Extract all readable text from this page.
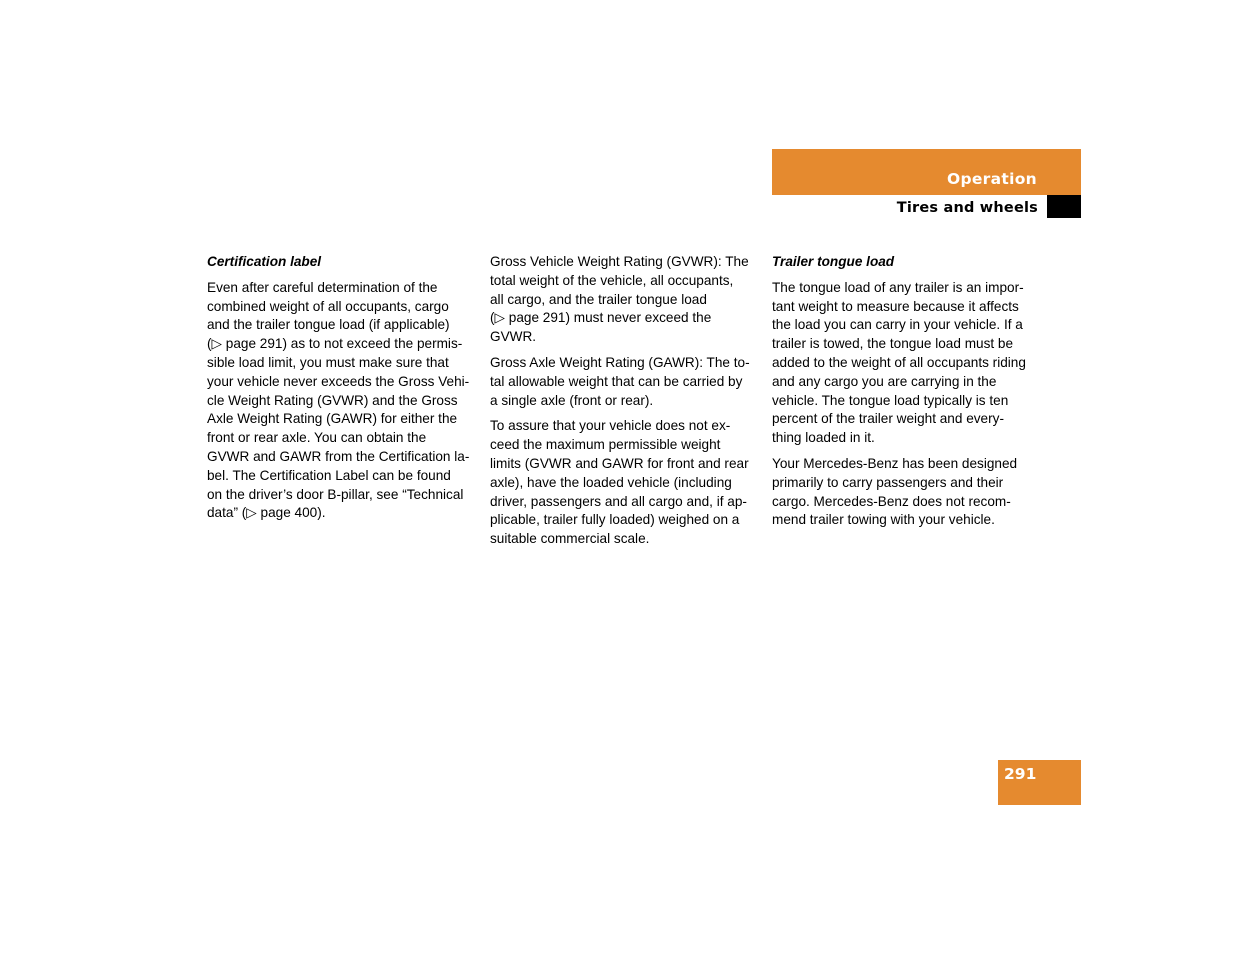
Operation
Tires and wheels

Certification label

Even after careful determination of the
combined weight of all occupants, cargo
and the trailer tongue load (if applicable)
(▷ page 291) as to not exceed the permis-
sible load limit, you must make sure that
your vehicle never exceeds the Gross Vehi-
cle Weight Rating (GVWR) and the Gross
Axle Weight Rating (GAWR) for either the
front or rear axle. You can obtain the
GVWR and GAWR from the Certification la-
bel. The Certification Label can be found
on the driver’s door B-pillar, see “Technical
data” (▷ page 400).

Gross Vehicle Weight Rating (GVWR): The
total weight of the vehicle, all occupants,
all cargo, and the trailer tongue load
(▷ page 291) must never exceed the
GVWR.

Gross Axle Weight Rating (GAWR): The to-
tal allowable weight that can be carried by
a single axle (front or rear).

To assure that your vehicle does not ex-
ceed the maximum permissible weight
limits (GVWR and GAWR for front and rear
axle), have the loaded vehicle (including
driver, passengers and all cargo and, if ap-
plicable, trailer fully loaded) weighed on a
suitable commercial scale.

Trailer tongue load

The tongue load of any trailer is an impor-
tant weight to measure because it affects
the load you can carry in your vehicle. If a
trailer is towed, the tongue load must be
added to the weight of all occupants riding
and any cargo you are carrying in the
vehicle. The tongue load typically is ten
percent of the trailer weight and every-
thing loaded in it.

Your Mercedes-Benz has been designed
primarily to carry passengers and their
cargo. Mercedes-Benz does not recom-
mend trailer towing with your vehicle.

291
